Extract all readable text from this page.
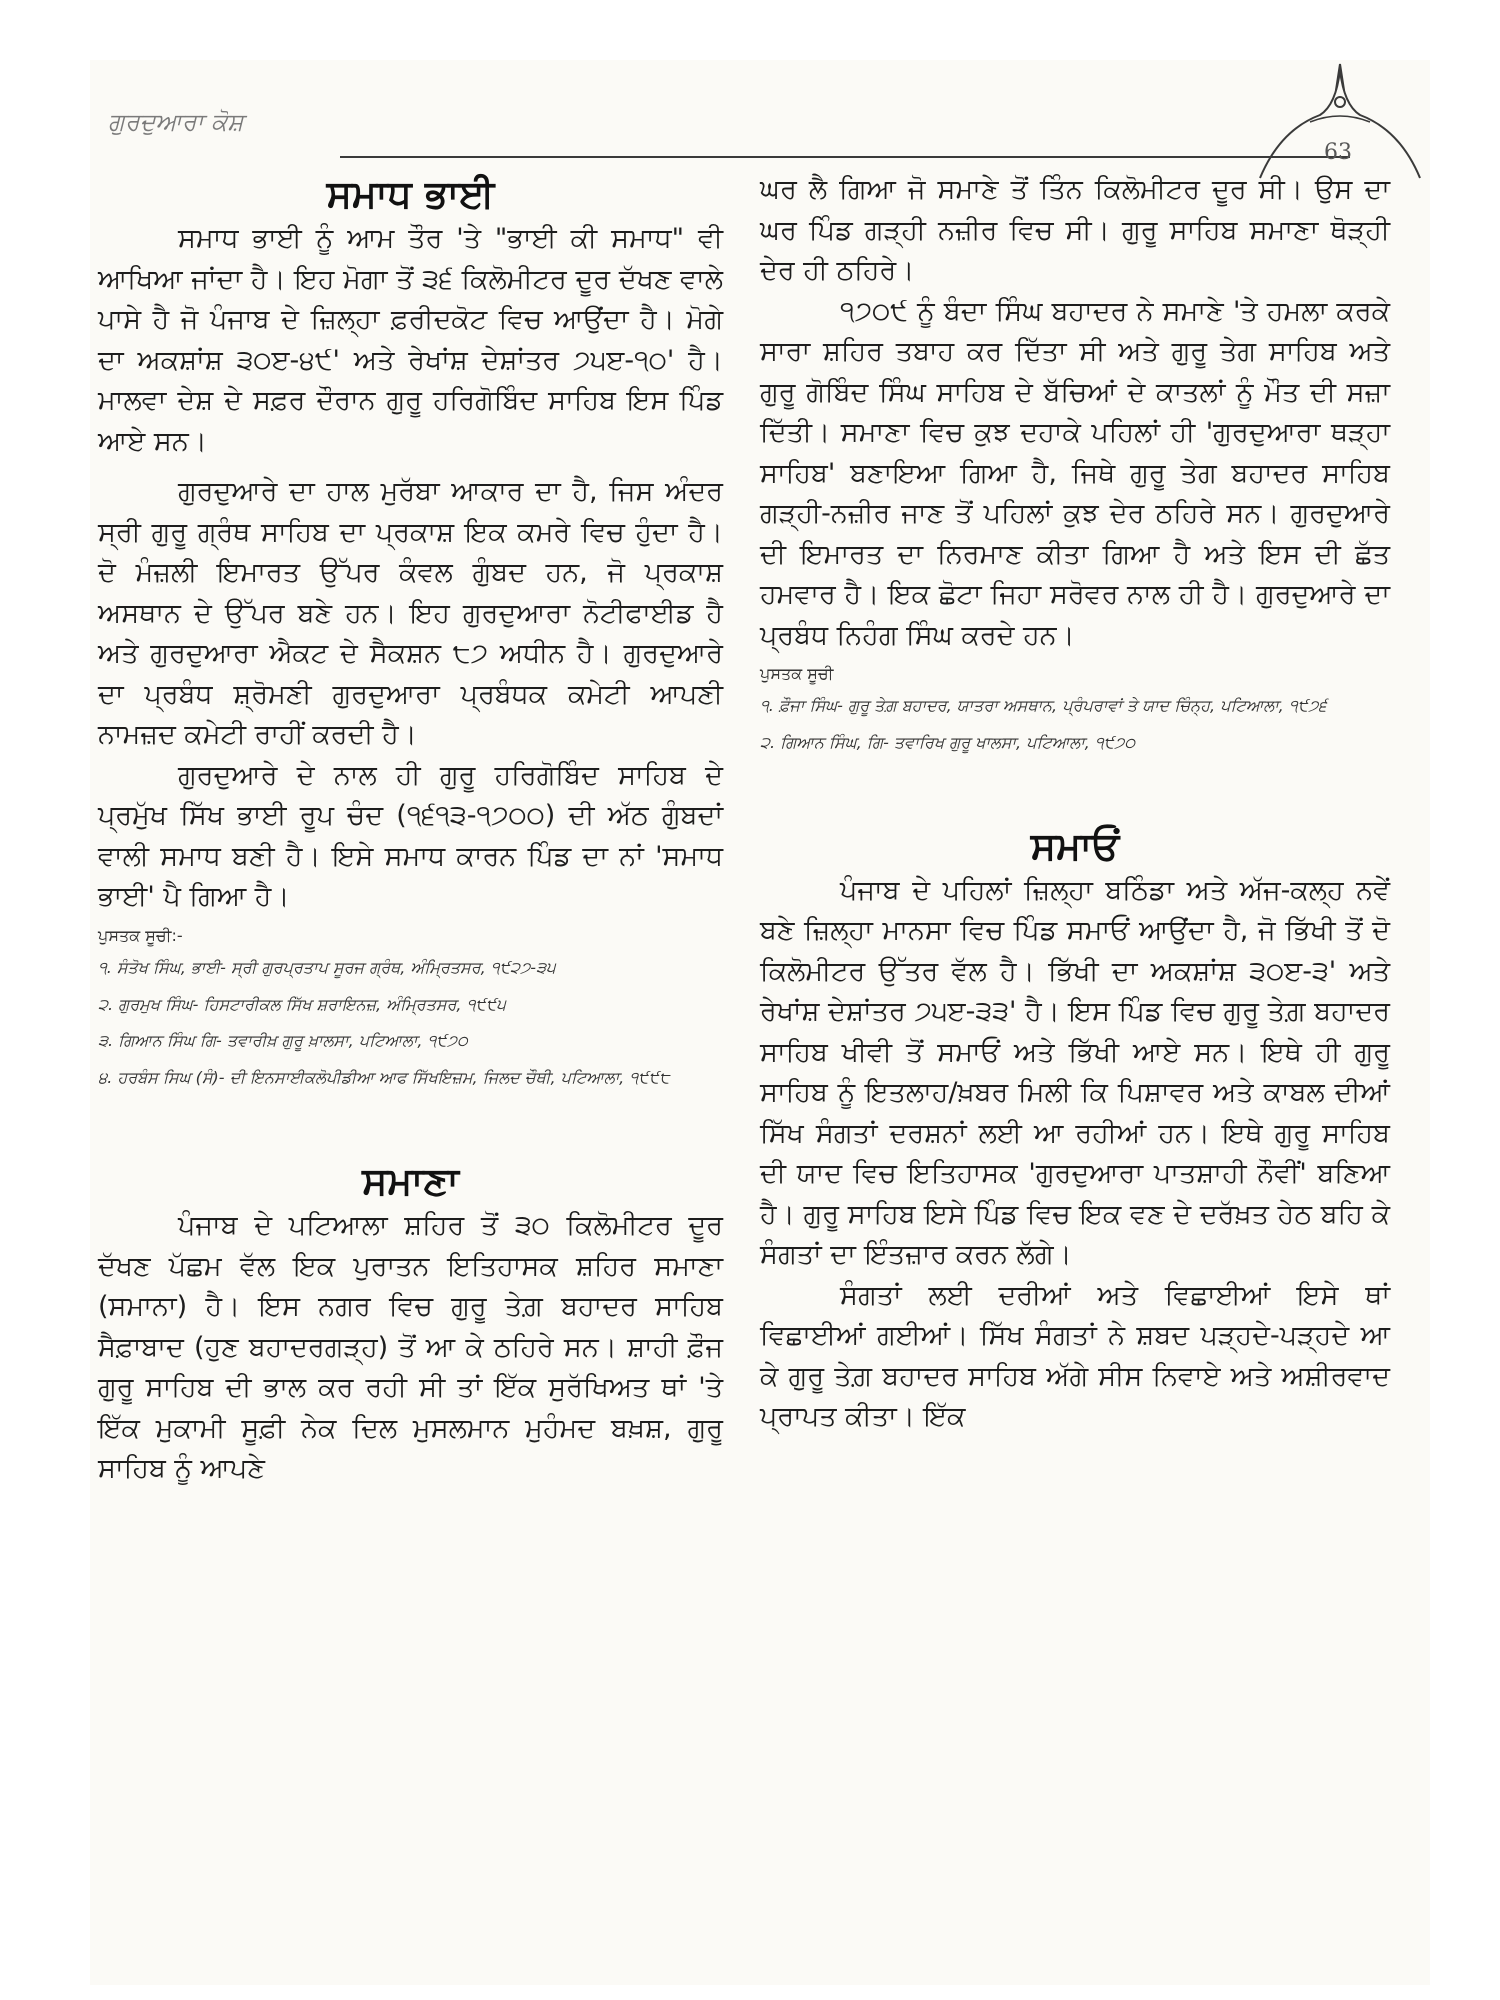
ਗੁਰਦੁਆਰਾ ਕੋਸ਼
63
ਸਮਾਧ ਭਾਈ

ਸਮਾਧ ਭਾਈ ਨੂੰ ਆਮ ਤੌਰ 'ਤੇ "ਭਾਈ ਕੀ ਸਮਾਧ" ਵੀ ਆਖਿਆ ਜਾਂਦਾ ਹੈ। ਇਹ ਮੋਗਾ ਤੋਂ ੩੬ ਕਿਲੋਮੀਟਰ ਦੂਰ ਦੱਖਣ ਵਾਲੇ ਪਾਸੇ ਹੈ ਜੋ ਪੰਜਾਬ ਦੇ ਜ਼ਿਲ੍ਹਾ ਫ਼ਰੀਦਕੋਟ ਵਿਚ ਆਉਂਦਾ ਹੈ। ਮੋਗੇ ਦਾ ਅਕਸ਼ਾਂਸ਼ ੩੦ੲ-੪੯' ਅਤੇ ਰੇਖਾਂਸ਼ ਦੇਸ਼ਾਂਤਰ ੭੫ੲ-੧੦' ਹੈ। ਮਾਲਵਾ ਦੇਸ਼ ਦੇ ਸਫ਼ਰ ਦੌਰਾਨ ਗੁਰੂ ਹਰਿਗੋਬਿੰਦ ਸਾਹਿਬ ਇਸ ਪਿੰਡ ਆਏ ਸਨ।

ਗੁਰਦੁਆਰੇ ਦਾ ਹਾਲ ਮੁਰੱਬਾ ਆਕਾਰ ਦਾ ਹੈ, ਜਿਸ ਅੰਦਰ ਸ੍ਰੀ ਗੁਰੂ ਗ੍ਰੰਥ ਸਾਹਿਬ ਦਾ ਪ੍ਰਕਾਸ਼ ਇਕ ਕਮਰੇ ਵਿਚ ਹੁੰਦਾ ਹੈ। ਦੋ ਮੰਜ਼ਲੀ ਇਮਾਰਤ ਉੱਪਰ ਕੰਵਲ ਗੁੰਬਦ ਹਨ, ਜੋ ਪ੍ਰਕਾਸ਼ ਅਸਥਾਨ ਦੇ ਉੱਪਰ ਬਣੇ ਹਨ। ਇਹ ਗੁਰਦੁਆਰਾ ਨੋਟੀਫਾਈਡ ਹੈ ਅਤੇ ਗੁਰਦੁਆਰਾ ਐਕਟ ਦੇ ਸੈਕਸ਼ਨ ੮੭ ਅਧੀਨ ਹੈ। ਗੁਰਦੁਆਰੇ ਦਾ ਪ੍ਰਬੰਧ ਸ਼੍ਰੋਮਣੀ ਗੁਰਦੁਆਰਾ ਪ੍ਰਬੰਧਕ ਕਮੇਟੀ ਆਪਣੀ ਨਾਮਜ਼ਦ ਕਮੇਟੀ ਰਾਹੀਂ ਕਰਦੀ ਹੈ।

ਗੁਰਦੁਆਰੇ ਦੇ ਨਾਲ ਹੀ ਗੁਰੂ ਹਰਿਗੋਬਿੰਦ ਸਾਹਿਬ ਦੇ ਪ੍ਰਮੁੱਖ ਸਿੱਖ ਭਾਈ ਰੂਪ ਚੰਦ (੧੬੧੩-੧੭੦੦) ਦੀ ਅੱਠ ਗੁੰਬਦਾਂ ਵਾਲੀ ਸਮਾਧ ਬਣੀ ਹੈ। ਇਸੇ ਸਮਾਧ ਕਾਰਨ ਪਿੰਡ ਦਾ ਨਾਂ 'ਸਮਾਧ ਭਾਈ' ਪੈ ਗਿਆ ਹੈ।

ਪੁਸਤਕ ਸੂਚੀ:-

੧. ਸੰਤੋਖ ਸਿੰਘ, ਭਾਈ- ਸ੍ਰੀ ਗੁਰਪ੍ਰਤਾਪ ਸੂਰਜ ਗ੍ਰੰਥ, ਅੰਮ੍ਰਿਤਸਰ, ੧੯੨੭-੩੫

੨. ਗੁਰਮੁਖ ਸਿੰਘ- ਹਿਸਟਾਰੀਕਲ ਸਿੱਖ ਸ਼ਰਾਇਨਜ਼, ਅੰਮ੍ਰਿਤਸਰ, ੧੯੯੫

੩. ਗਿਆਨ ਸਿੰਘ ਗਿ- ਤਵਾਰੀਖ਼ ਗੁਰੂ ਖ਼ਾਲਸਾ, ਪਟਿਆਲਾ, ੧੯੭੦

੪. ਹਰਬੰਸ ਸਿਘ (ਸੰ)- ਦੀ ਇਨਸਾਈਕਲੋਪੀਡੀਆ ਆਫ ਸਿੱਖਇਜ਼ਮ, ਜਿਲਦ ਚੌਥੀ, ਪਟਿਆਲਾ, ੧੯੯੮

ਸਮਾਣਾ

ਪੰਜਾਬ ਦੇ ਪਟਿਆਲਾ ਸ਼ਹਿਰ ਤੋਂ ੩੦ ਕਿਲੋਮੀਟਰ ਦੂਰ ਦੱਖਣ ਪੱਛਮ ਵੱਲ ਇਕ ਪੁਰਾਤਨ ਇਤਿਹਾਸਕ ਸ਼ਹਿਰ ਸਮਾਣਾ (ਸਮਾਨਾ) ਹੈ। ਇਸ ਨਗਰ ਵਿਚ ਗੁਰੂ ਤੇਗ਼ ਬਹਾਦਰ ਸਾਹਿਬ ਸੈਫ਼ਾਬਾਦ (ਹੁਣ ਬਹਾਦਰਗੜ੍ਹ) ਤੋਂ ਆ ਕੇ ਠਹਿਰੇ ਸਨ। ਸ਼ਾਹੀ ਫ਼ੌਜ ਗੁਰੂ ਸਾਹਿਬ ਦੀ ਭਾਲ ਕਰ ਰਹੀ ਸੀ ਤਾਂ ਇੱਕ ਸੁਰੱਖਿਅਤ ਥਾਂ 'ਤੇ ਇੱਕ ਮੁਕਾਮੀ ਸੂਫ਼ੀ ਨੇਕ ਦਿਲ ਮੁਸਲਮਾਨ ਮੁਹੰਮਦ ਬਖ਼ਸ਼, ਗੁਰੂ ਸਾਹਿਬ ਨੂੰ ਆਪਣੇ

ਘਰ ਲੈ ਗਿਆ ਜੋ ਸਮਾਣੇ ਤੋਂ ਤਿੰਨ ਕਿਲੋਮੀਟਰ ਦੂਰ ਸੀ। ਉਸ ਦਾ ਘਰ ਪਿੰਡ ਗੜ੍ਹੀ ਨਜ਼ੀਰ ਵਿਚ ਸੀ। ਗੁਰੂ ਸਾਹਿਬ ਸਮਾਣਾ ਥੋੜ੍ਹੀ ਦੇਰ ਹੀ ਠਹਿਰੇ।

੧੭੦੯ ਨੂੰ ਬੰਦਾ ਸਿੰਘ ਬਹਾਦਰ ਨੇ ਸਮਾਣੇ 'ਤੇ ਹਮਲਾ ਕਰਕੇ ਸਾਰਾ ਸ਼ਹਿਰ ਤਬਾਹ ਕਰ ਦਿੱਤਾ ਸੀ ਅਤੇ ਗੁਰੂ ਤੇਗ ਸਾਹਿਬ ਅਤੇ ਗੁਰੂ ਗੋਬਿੰਦ ਸਿੰਘ ਸਾਹਿਬ ਦੇ ਬੱਚਿਆਂ ਦੇ ਕਾਤਲਾਂ ਨੂੰ ਮੌਤ ਦੀ ਸਜ਼ਾ ਦਿੱਤੀ। ਸਮਾਣਾ ਵਿਚ ਕੁਝ ਦਹਾਕੇ ਪਹਿਲਾਂ ਹੀ 'ਗੁਰਦੁਆਰਾ ਥੜ੍ਹਾ ਸਾਹਿਬ' ਬਣਾਇਆ ਗਿਆ ਹੈ, ਜਿਥੇ ਗੁਰੂ ਤੇਗ ਬਹਾਦਰ ਸਾਹਿਬ ਗੜ੍ਹੀ-ਨਜ਼ੀਰ ਜਾਣ ਤੋਂ ਪਹਿਲਾਂ ਕੁਝ ਦੇਰ ਠਹਿਰੇ ਸਨ। ਗੁਰਦੁਆਰੇ ਦੀ ਇਮਾਰਤ ਦਾ ਨਿਰਮਾਣ ਕੀਤਾ ਗਿਆ ਹੈ ਅਤੇ ਇਸ ਦੀ ਛੱਤ ਹਮਵਾਰ ਹੈ। ਇਕ ਛੋਟਾ ਜਿਹਾ ਸਰੋਵਰ ਨਾਲ ਹੀ ਹੈ। ਗੁਰਦੁਆਰੇ ਦਾ ਪ੍ਰਬੰਧ ਨਿਹੰਗ ਸਿੰਘ ਕਰਦੇ ਹਨ।

ਪੁਸਤਕ ਸੂਚੀ

੧. ਫ਼ੌਜਾ ਸਿੰਘ- ਗੁਰੂ ਤੇਗ਼ ਬਹਾਦਰ, ਯਾਤਰਾ ਅਸਥਾਨ, ਪ੍ਰੰਪਰਾਵਾਂ ਤੇ ਯਾਦ ਚਿੰਨ੍ਹ, ਪਟਿਆਲਾ, ੧੯੭੬

੨. ਗਿਆਨ ਸਿੰਘ, ਗਿ- ਤਵਾਰਿਖ ਗੁਰੂ ਖਾਲਸਾ, ਪਟਿਆਲਾ, ੧੯੭੦

ਸਮਾਓਂ

ਪੰਜਾਬ ਦੇ ਪਹਿਲਾਂ ਜ਼ਿਲ੍ਹਾ ਬਠਿੰਡਾ ਅਤੇ ਅੱਜ-ਕਲ੍ਹ ਨਵੇਂ ਬਣੇ ਜ਼ਿਲ੍ਹਾ ਮਾਨਸਾ ਵਿਚ ਪਿੰਡ ਸਮਾਓਂ ਆਉਂਦਾ ਹੈ, ਜੋ ਭਿੱਖੀ ਤੋਂ ਦੋ ਕਿਲੋਮੀਟਰ ਉੱਤਰ ਵੱਲ ਹੈ। ਭਿੱਖੀ ਦਾ ਅਕਸ਼ਾਂਸ਼ ੩੦ੲ-੩' ਅਤੇ ਰੇਖਾਂਸ਼ ਦੇਸ਼ਾਂਤਰ ੭੫ੲ-੩੩' ਹੈ। ਇਸ ਪਿੰਡ ਵਿਚ ਗੁਰੂ ਤੇਗ਼ ਬਹਾਦਰ ਸਾਹਿਬ ਖੀਵੀ ਤੋਂ ਸਮਾਓਂ ਅਤੇ ਭਿੱਖੀ ਆਏ ਸਨ। ਇਥੇ ਹੀ ਗੁਰੂ ਸਾਹਿਬ ਨੂੰ ਇਤਲਾਹ/ਖ਼ਬਰ ਮਿਲੀ ਕਿ ਪਿਸ਼ਾਵਰ ਅਤੇ ਕਾਬਲ ਦੀਆਂ ਸਿੱਖ ਸੰਗਤਾਂ ਦਰਸ਼ਨਾਂ ਲਈ ਆ ਰਹੀਆਂ ਹਨ। ਇਥੇ ਗੁਰੂ ਸਾਹਿਬ ਦੀ ਯਾਦ ਵਿਚ ਇਤਿਹਾਸਕ 'ਗੁਰਦੁਆਰਾ ਪਾਤਸ਼ਾਹੀ ਨੌਵੀਂ' ਬਣਿਆ ਹੈ। ਗੁਰੂ ਸਾਹਿਬ ਇਸੇ ਪਿੰਡ ਵਿਚ ਇਕ ਵਣ ਦੇ ਦਰੱਖ਼ਤ ਹੇਠ ਬਹਿ ਕੇ ਸੰਗਤਾਂ ਦਾ ਇੰਤਜ਼ਾਰ ਕਰਨ ਲੱਗੇ।

ਸੰਗਤਾਂ ਲਈ ਦਰੀਆਂ ਅਤੇ ਵਿਛਾਈਆਂ ਇਸੇ ਥਾਂ ਵਿਛਾਈਆਂ ਗਈਆਂ। ਸਿੱਖ ਸੰਗਤਾਂ ਨੇ ਸ਼ਬਦ ਪੜ੍ਹਦੇ-ਪੜ੍ਹਦੇ ਆ ਕੇ ਗੁਰੂ ਤੇਗ਼ ਬਹਾਦਰ ਸਾਹਿਬ ਅੱਗੇ ਸੀਸ ਨਿਵਾਏ ਅਤੇ ਅਸ਼ੀਰਵਾਦ ਪ੍ਰਾਪਤ ਕੀਤਾ। ਇੱਕ
